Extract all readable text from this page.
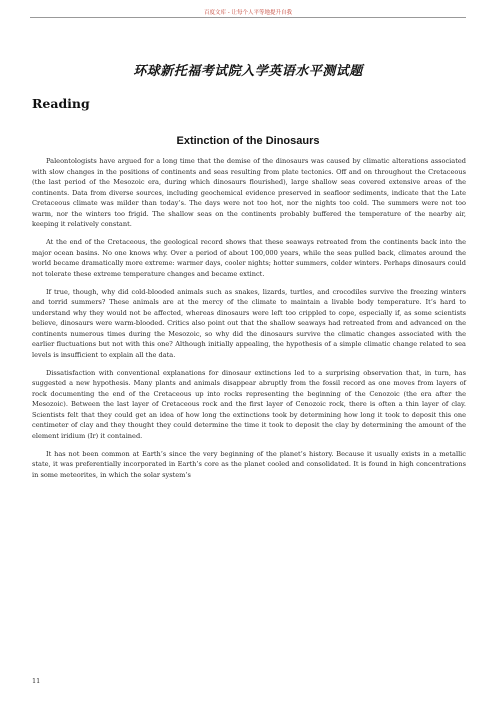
百度文库 - 让每个人平等地提升自我
环球新托福考试院入学英语水平测试题
Reading
Extinction of the Dinosaurs

Paleontologists have argued for a long time that the demise of the dinosaurs was caused by climatic alterations associated with slow changes in the positions of continents and seas resulting from plate tectonics. Off and on throughout the Cretaceous (the last period of the Mesozoic era, during which dinosaurs flourished), large shallow seas covered extensive areas of the continents. Data from diverse sources, including geochemical evidence preserved in seafloor sediments, indicate that the Late Cretaceous climate was milder than today’s. The days were not too hot, nor the nights too cold. The summers were not too warm, nor the winters too frigid. The shallow seas on the continents probably buffered the temperature of the nearby air, keeping it relatively constant.

At the end of the Cretaceous, the geological record shows that these seaways retreated from the continents back into the major ocean basins. No one knows why. Over a period of about 100,000 years, while the seas pulled back, climates around the world became dramatically more extreme: warmer days, cooler nights; hotter summers, colder winters. Perhaps dinosaurs could not tolerate these extreme temperature changes and became extinct.

If true, though, why did cold-blooded animals such as snakes, lizards, turtles, and crocodiles survive the freezing winters and torrid summers? These animals are at the mercy of the climate to maintain a livable body temperature. It’s hard to understand why they would not be affected, whereas dinosaurs were left too crippled to cope, especially if, as some scientists believe, dinosaurs were warm-blooded. Critics also point out that the shallow seaways had retreated from and advanced on the continents numerous times during the Mesozoic, so why did the dinosaurs survive the climatic changes associated with the earlier fluctuations but not with this one? Although initially appealing, the hypothesis of a simple climatic change related to sea levels is insufficient to explain all the data.

Dissatisfaction with conventional explanations for dinosaur extinctions led to a surprising observation that, in turn, has suggested a new hypothesis. Many plants and animals disappear abruptly from the fossil record as one moves from layers of rock documenting the end of the Cretaceous up into rocks representing the beginning of the Cenozoic (the era after the Mesozoic). Between the last layer of Cretaceous rock and the first layer of Cenozoic rock, there is often a thin layer of clay. Scientists felt that they could get an idea of how long the extinctions took by determining how long it took to deposit this one centimeter of clay and they thought they could determine the time it took to deposit the clay by determining the amount of the element iridium (Ir) it contained.

It has not been common at Earth’s since the very beginning of the planet’s history. Because it usually exists in a metallic state, it was preferentially incorporated in Earth’s core as the planet cooled and consolidated. It is found in high concentrations in some meteorites, in which the solar system’s

11
